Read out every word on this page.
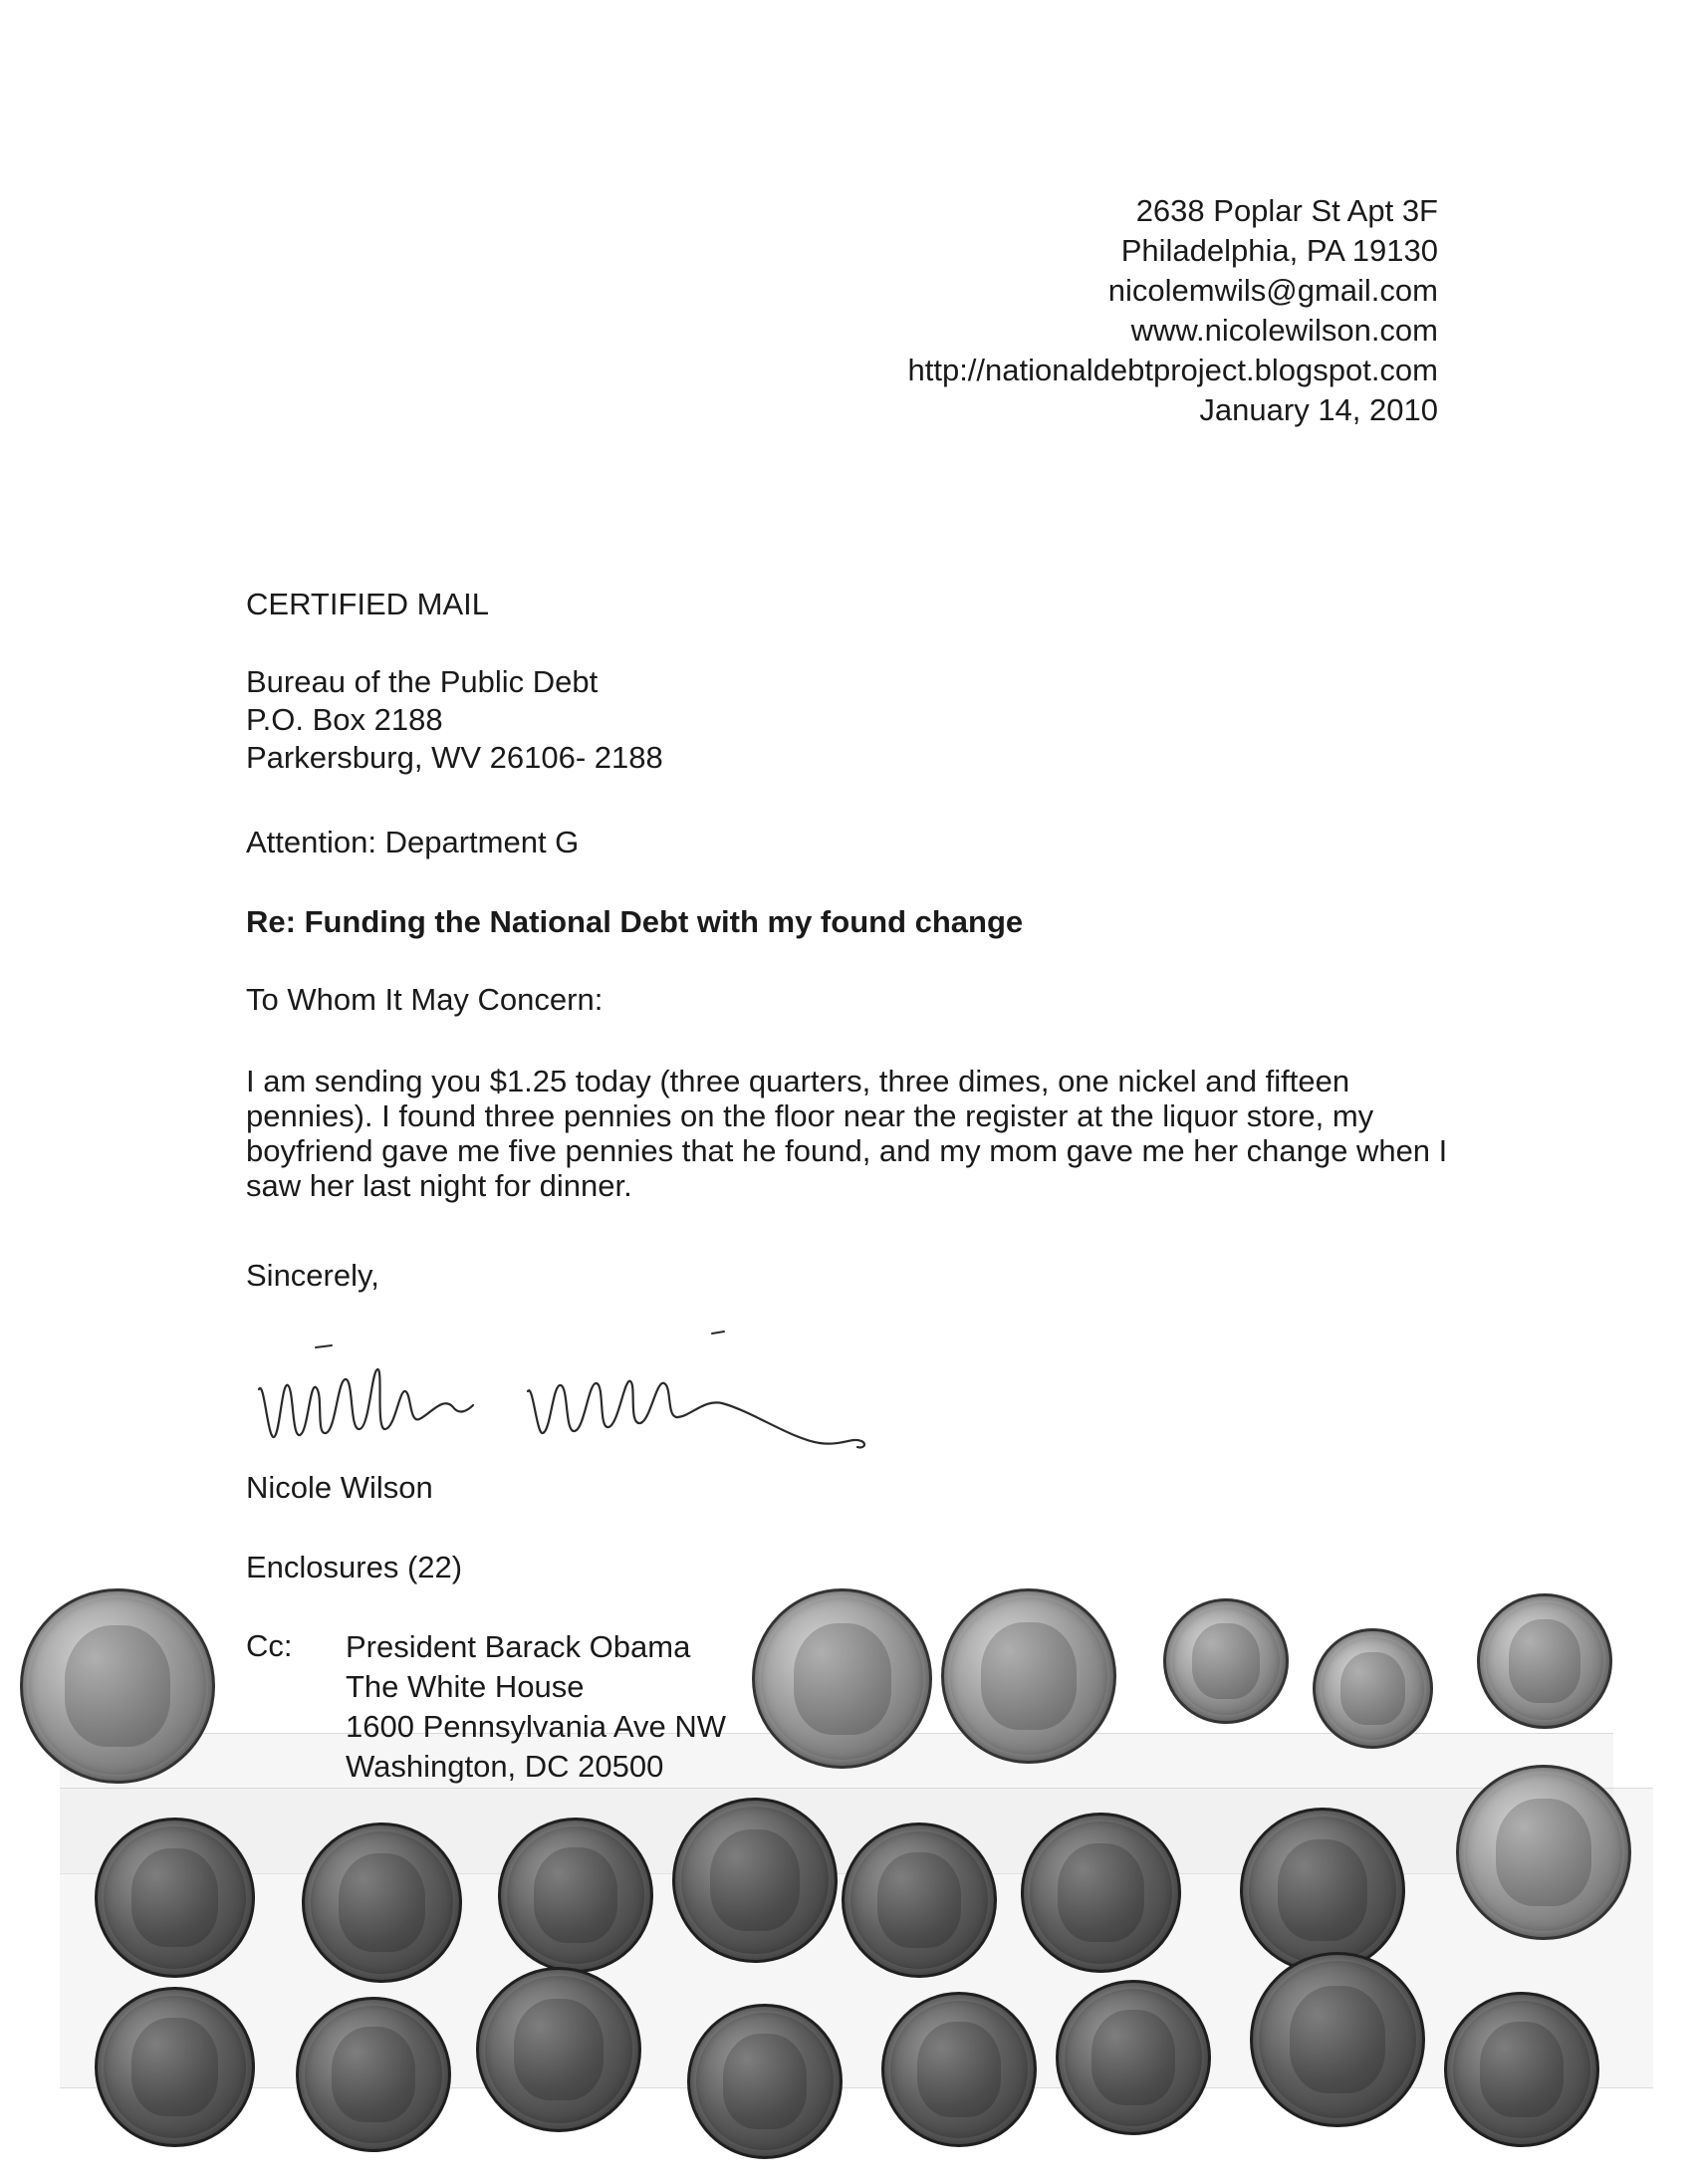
2638 Poplar St Apt 3F
Philadelphia, PA 19130
nicolemwils@gmail.com
www.nicolewilson.com
http://nationaldebtproject.blogspot.com
January 14, 2010
CERTIFIED MAIL
Bureau of the Public Debt
P.O. Box 2188
Parkersburg, WV 26106- 2188
Attention: Department G
Re: Funding the National Debt with my found change
To Whom It May Concern:
I am sending you $1.25 today (three quarters, three dimes, one nickel and fifteen pennies). I found three pennies on the floor near the register at the liquor store, my boyfriend gave me five pennies that he found, and my mom gave me her change when I saw her last night for dinner.
Sincerely,
Nicole Wilson
Enclosures (22)
Cc: President Barack Obama
The White House
1600 Pennsylvania Ave NW
Washington, DC 20500
